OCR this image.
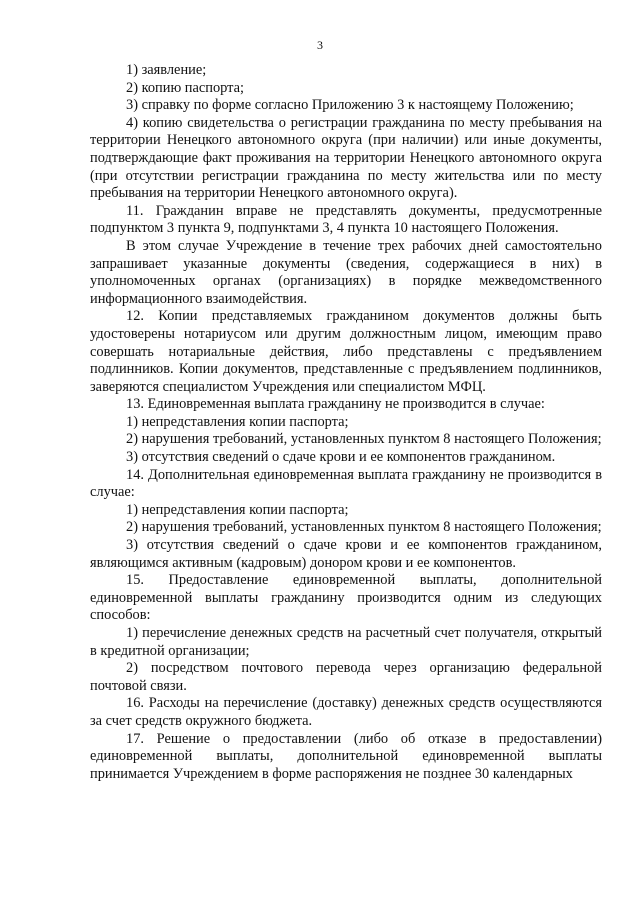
3

1) заявление;

2) копию паспорта;

3) справку по форме согласно Приложению 3 к настоящему Положению;

4) копию свидетельства о регистрации гражданина по месту пребывания на территории Ненецкого автономного округа (при наличии) или иные документы, подтверждающие факт проживания на территории Ненецкого автономного округа (при отсутствии регистрации гражданина по месту жительства или по месту пребывания на территории Ненецкого автономного округа).

11. Гражданин вправе не представлять документы, предусмотренные подпунктом 3 пункта 9, подпунктами 3, 4 пункта 10 настоящего Положения.

В этом случае Учреждение в течение трех рабочих дней самостоятельно запрашивает указанные документы (сведения, содержащиеся в них) в уполномоченных органах (организациях) в порядке межведомственного информационного взаимодействия.

12. Копии представляемых гражданином документов должны быть удостоверены нотариусом или другим должностным лицом, имеющим право совершать нотариальные действия, либо представлены с предъявлением подлинников. Копии документов, представленные с предъявлением подлинников, заверяются специалистом Учреждения или специалистом МФЦ.

13. Единовременная выплата гражданину не производится в случае:

1) непредставления копии паспорта;

2) нарушения требований, установленных пунктом 8 настоящего Положения;

3) отсутствия сведений о сдаче крови и ее компонентов гражданином.

14. Дополнительная единовременная выплата гражданину не производится в случае:

1) непредставления копии паспорта;

2) нарушения требований, установленных пунктом 8 настоящего Положения;

3) отсутствия сведений о сдаче крови и ее компонентов гражданином, являющимся активным (кадровым) донором крови и ее компонентов.

15. Предоставление единовременной выплаты, дополнительной единовременной выплаты гражданину производится одним из следующих способов:

1) перечисление денежных средств на расчетный счет получателя, открытый в кредитной организации;

2) посредством почтового перевода через организацию федеральной почтовой связи.

16. Расходы на перечисление (доставку) денежных средств осуществляются за счет средств окружного бюджета.

17. Решение о предоставлении (либо об отказе в предоставлении) единовременной выплаты, дополнительной единовременной выплаты принимается Учреждением в форме распоряжения не позднее 30 календарных
